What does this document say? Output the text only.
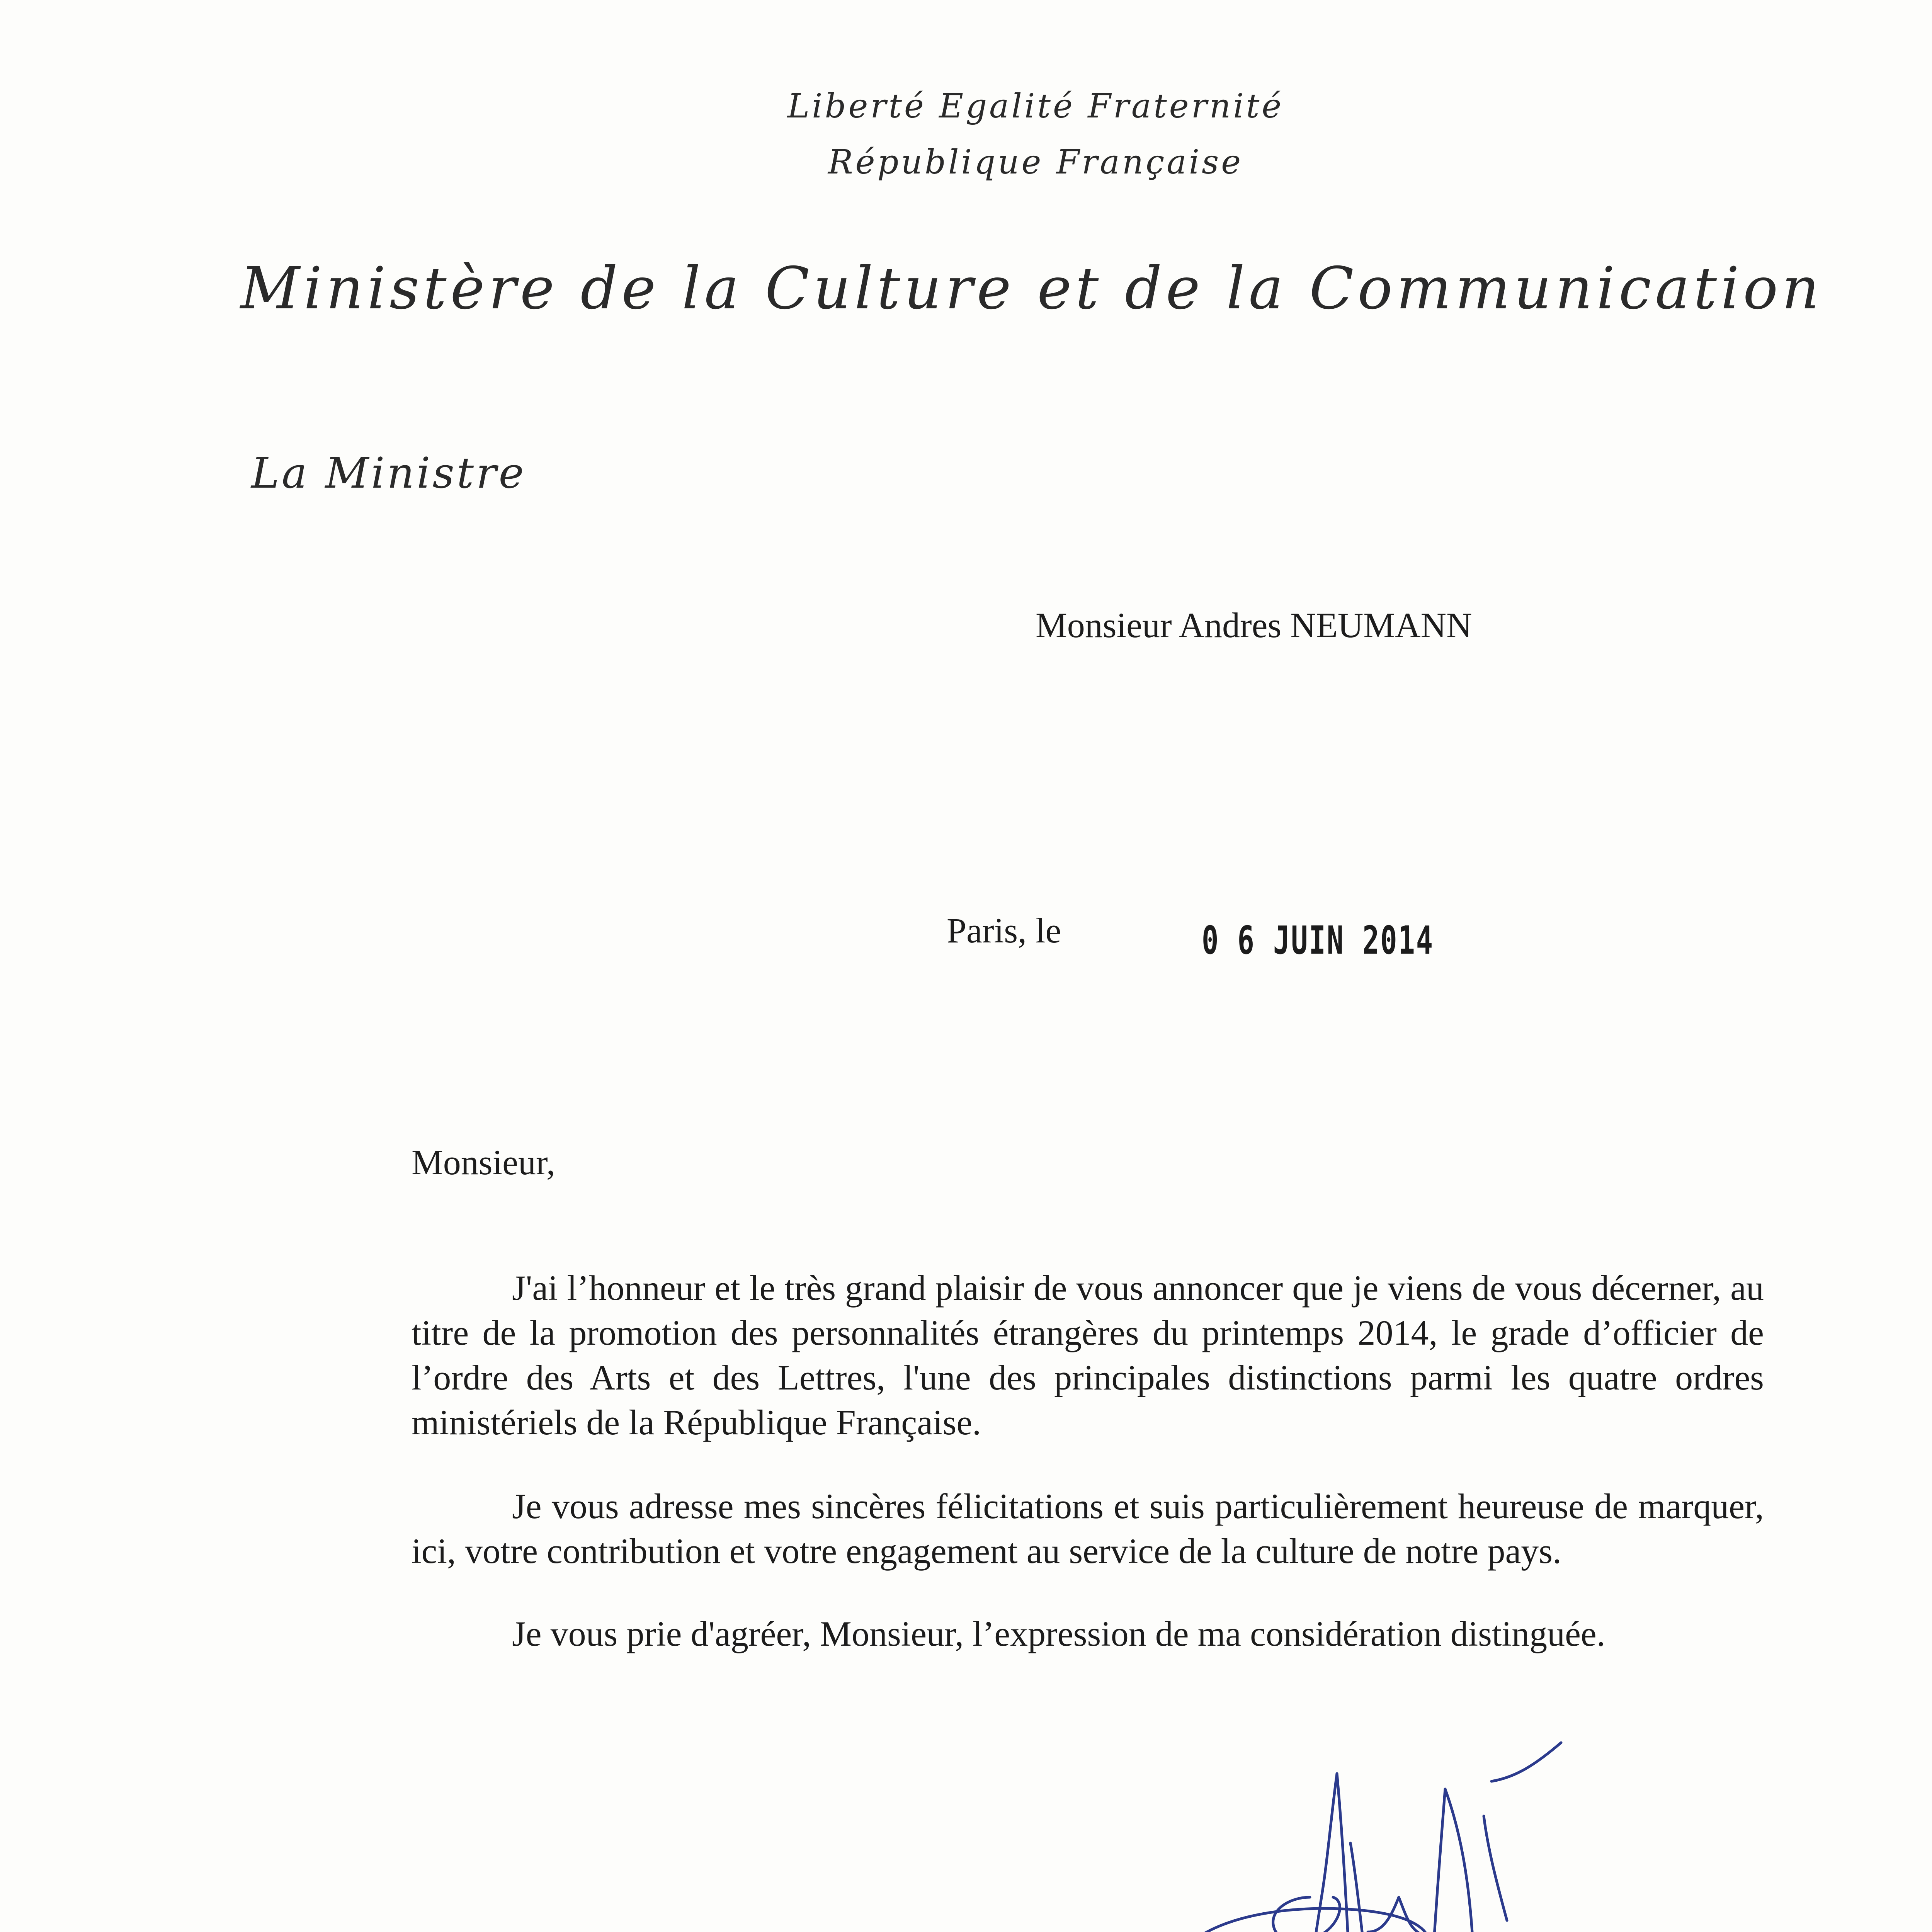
Liberté Egalité Fraternité
République Française
Ministère de la Culture et de la Communication
La Ministre
Monsieur Andres NEUMANN
Paris, le	0 6 JUIN 2014
Monsieur,

J'ai l’honneur et le très grand plaisir de vous annoncer que je viens de vous décerner, au titre de la promotion des personnalités étrangères du printemps 2014, le grade d’officier de l’ordre des Arts et des Lettres, l'une des principales distinctions parmi les quatre ordres ministériels de la République Française.

Je vous adresse mes sincères félicitations et suis particulièrement heureuse de marquer, ici, votre contribution et votre engagement au service de la culture de notre pays.

Je vous prie d'agréer, Monsieur, l’expression de ma considération distinguée.
